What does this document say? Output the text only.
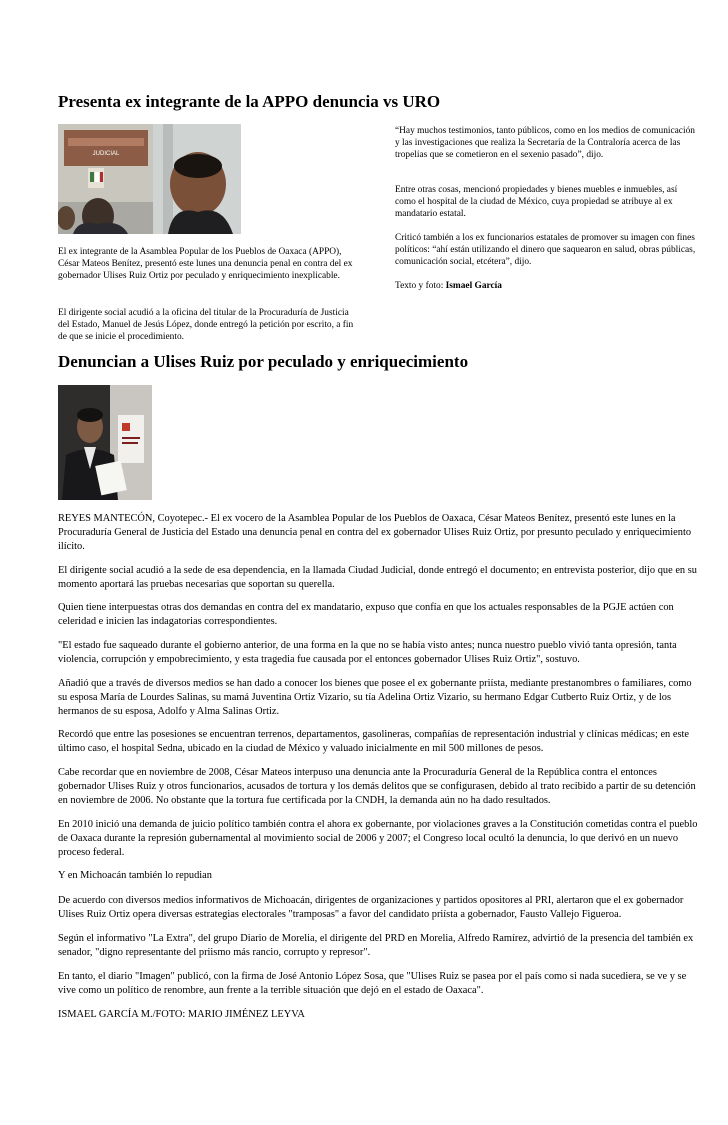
Presenta ex integrante de la APPO denuncia vs URO
JUDICIAL

El ex integrante de la Asamblea Popular de los Pueblos de Oaxaca (APPO), César Mateos Benítez, presentó este lunes una denuncia penal en contra del ex gobernador Ulises Ruiz Ortiz por peculado y enriquecimiento inexplicable.

El dirigente social acudió a la oficina del titular de la Procuraduría de Justicia del Estado, Manuel de Jesús López, donde entregó la petición por escrito, a fin de que se inicie el procedimiento.

“Hay muchos testimonios, tanto públicos, como en los medios de comunicación y las investigaciones que realiza la Secretaría de la Contraloría acerca de las tropelías que se cometieron en el sexenio pasado”, dijo.

Entre otras cosas, mencionó propiedades y bienes muebles e inmuebles, así como el hospital de la ciudad de México, cuya propiedad se atribuye al ex mandatario estatal.

Criticó también a los ex funcionarios estatales de promover su imagen con fines políticos: “ahí están utilizando el dinero que saquearon en salud, obras públicas, comunicación social, etcétera”, dijo.

Texto y foto: Ismael García

Denuncian a Ulises Ruiz por peculado y enriquecimiento

REYES MANTECÓN, Coyotepec.- El ex vocero de la Asamblea Popular de los Pueblos de Oaxaca, César Mateos Benítez, presentó este lunes en la Procuraduría General de Justicia del Estado una denuncia penal en contra del ex gobernador Ulises Ruiz Ortiz, por presunto peculado y enriquecimiento ilícito.

El dirigente social acudió a la sede de esa dependencia, en la llamada Ciudad Judicial, donde entregó el documento; en entrevista posterior, dijo que en su momento aportará las pruebas necesarias que soportan su querella.

Quien tiene interpuestas otras dos demandas en contra del ex mandatario, expuso que confía en que los actuales responsables de la PGJE actúen con celeridad e inicien las indagatorias correspondientes.

"El estado fue saqueado durante el gobierno anterior, de una forma en la que no se había visto antes; nunca nuestro pueblo vivió tanta opresión, tanta violencia, corrupción y empobrecimiento, y esta tragedia fue causada por el entonces gobernador Ulises Ruiz Ortiz", sostuvo.

Añadió que a través de diversos medios se han dado a conocer los bienes que posee el ex gobernante priísta, mediante prestanombres o familiares, como su esposa María de Lourdes Salinas, su mamá Juventina Ortiz Vizario, su tía Adelina Ortiz Vizario, su hermano Edgar Cutberto Ruiz Ortiz, y de los hermanos de su esposa, Adolfo y Alma Salinas Ortiz.

Recordó que entre las posesiones se encuentran terrenos, departamentos, gasolineras, compañías de representación industrial y clínicas médicas; en este último caso, el hospital Sedna, ubicado en la ciudad de México y valuado inicialmente en mil 500 millones de pesos.

Cabe recordar que en noviembre de 2008, César Mateos interpuso una denuncia ante la Procuraduría General de la República contra el entonces gobernador Ulises Ruiz y otros funcionarios, acusados de tortura y los demás delitos que se configurasen, debido al trato recibido a partir de su detención en noviembre de 2006. No obstante que la tortura fue certificada por la CNDH, la demanda aún no ha dado resultados.

En 2010 inició una demanda de juicio político también contra el ahora ex gobernante, por violaciones graves a la Constitución cometidas contra el pueblo de Oaxaca durante la represión gubernamental al movimiento social de 2006 y 2007; el Congreso local ocultó la denuncia, lo que derivó en un nuevo proceso federal.

Y en Michoacán también lo repudian

De acuerdo con diversos medios informativos de Michoacán, dirigentes de organizaciones y partidos opositores al PRI, alertaron que el ex gobernador Ulises Ruiz Ortiz opera diversas estrategias electorales "tramposas" a favor del candidato priísta a gobernador, Fausto Vallejo Figueroa.

Según el informativo "La Extra", del grupo Diario de Morelia, el dirigente del PRD en Morelia, Alfredo Ramírez, advirtió de la presencia del también ex senador, "digno representante del priismo más rancio, corrupto y represor".

En tanto, el diario "Imagen" publicó, con la firma de José Antonio López Sosa, que "Ulises Ruiz se pasea por el país como si nada sucediera, se ve y se vive como un político de renombre, aun frente a la terrible situación que dejó en el estado de Oaxaca".

ISMAEL GARCÍA M./FOTO: MARIO JIMÉNEZ LEYVA
